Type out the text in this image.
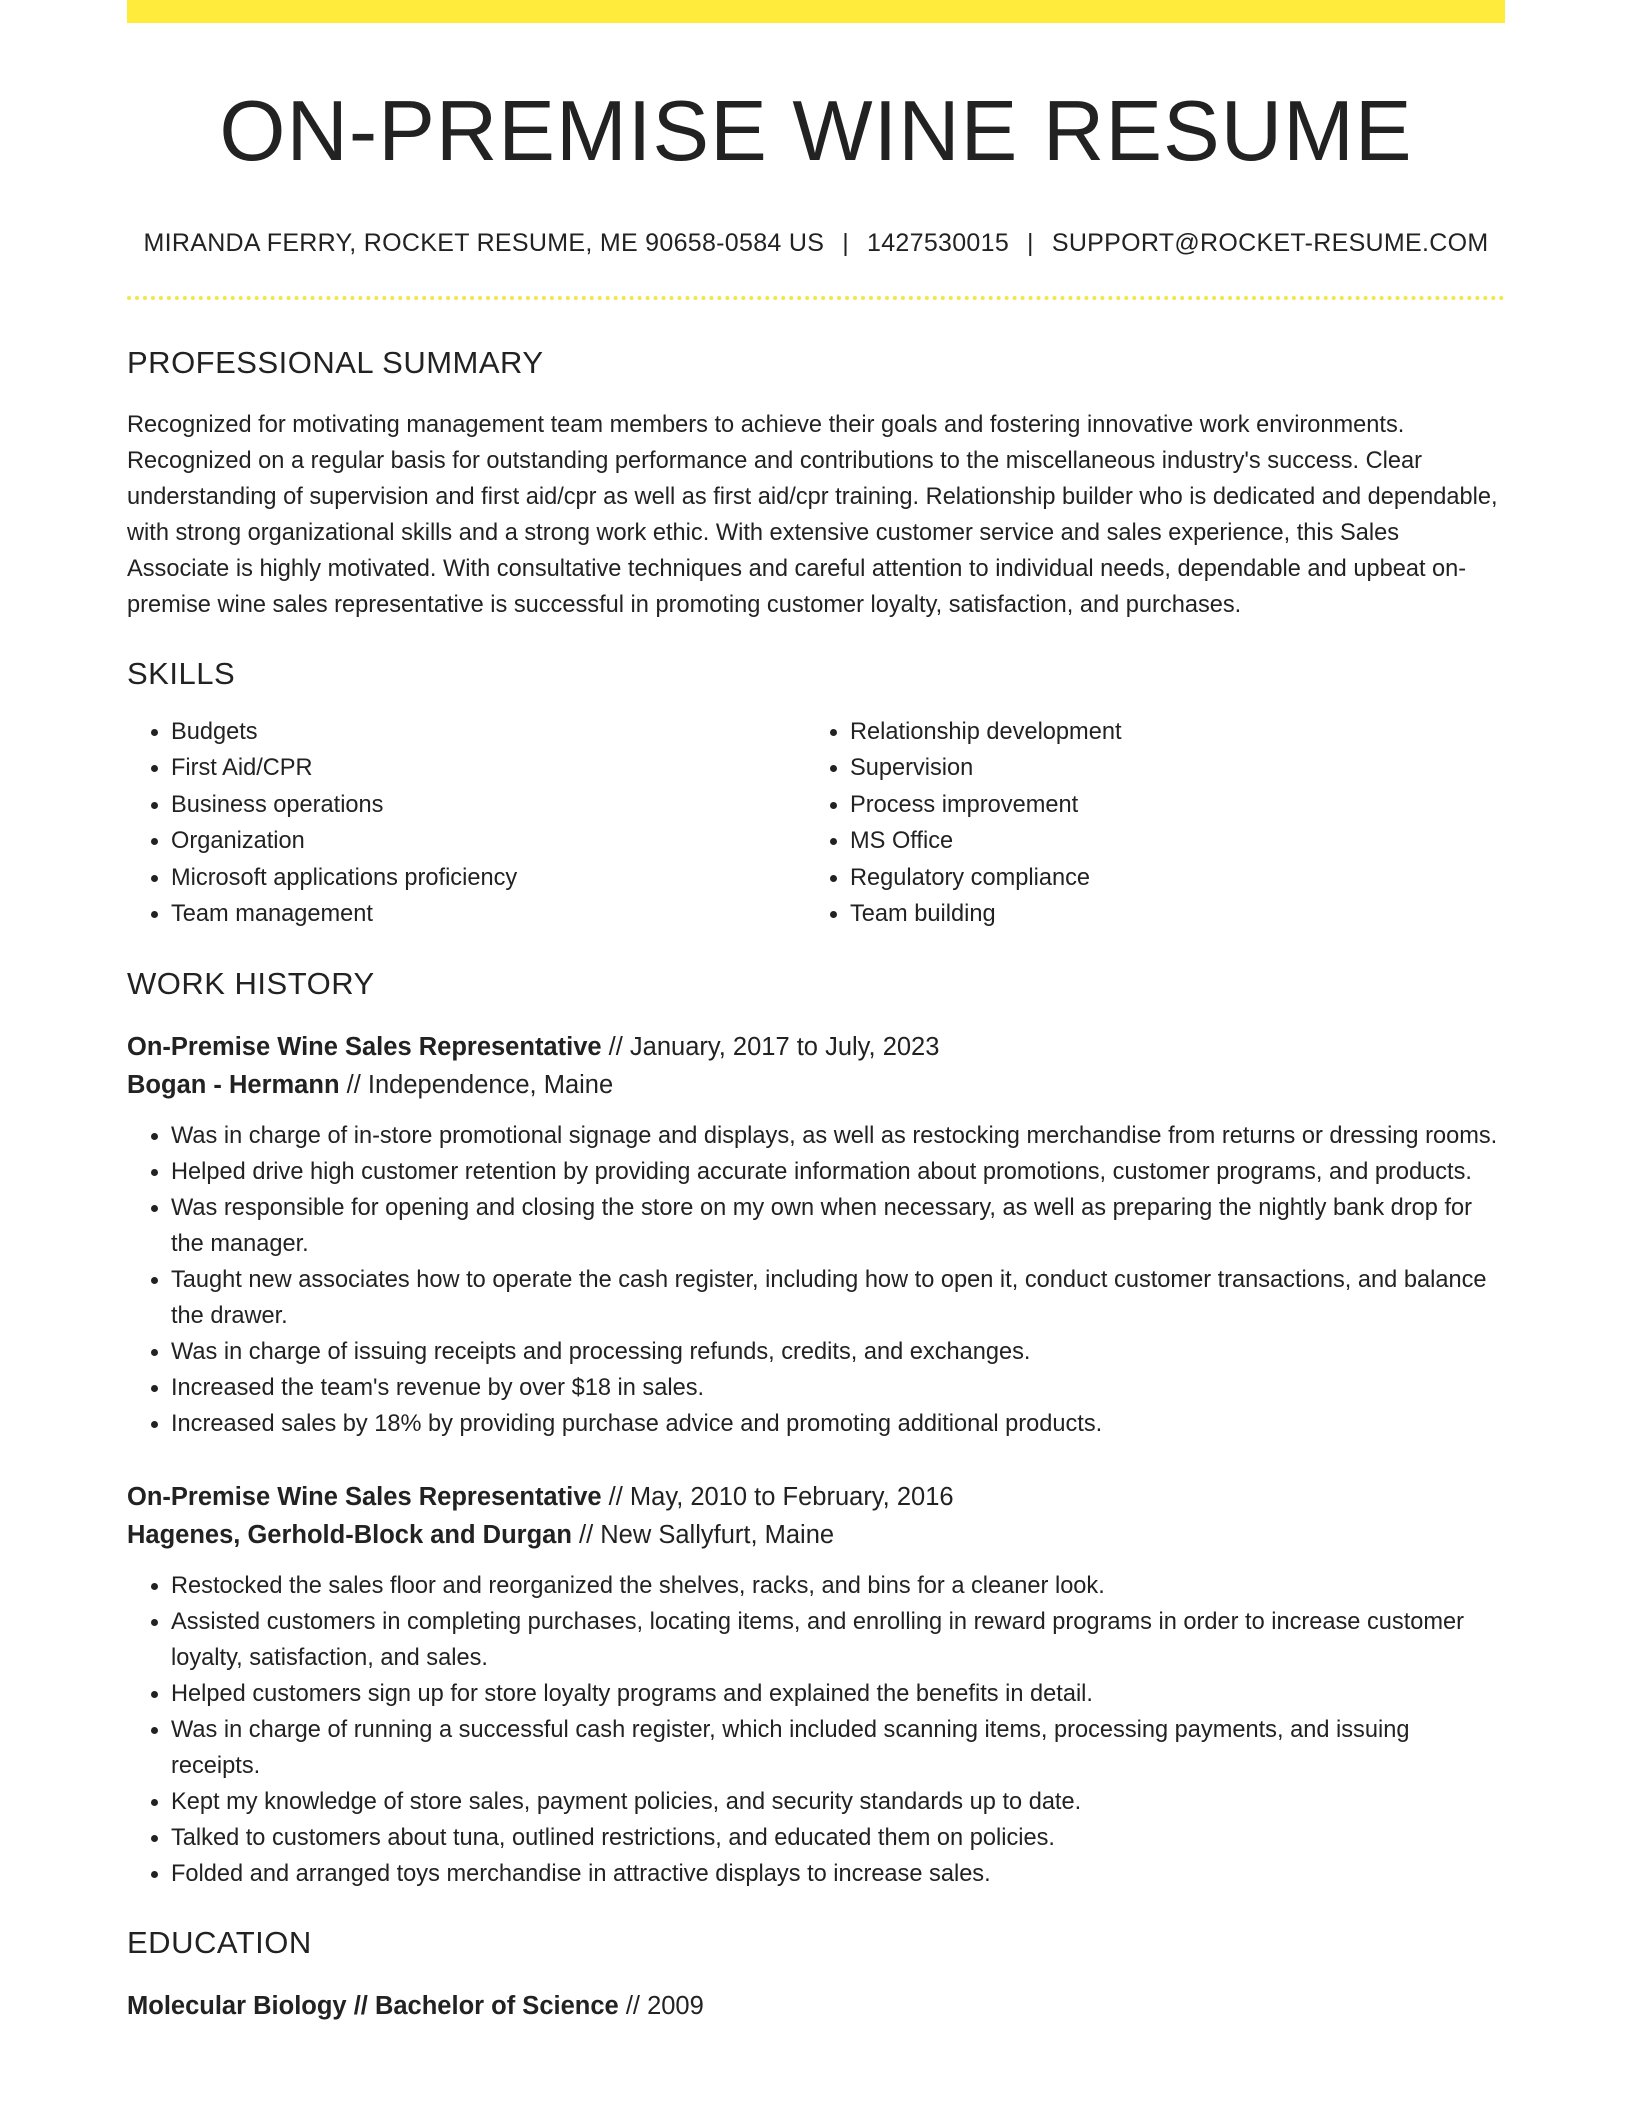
ON-PREMISE WINE RESUME
MIRANDA FERRY, ROCKET RESUME, ME 90658-0584 US | 1427530015 | SUPPORT@ROCKET-RESUME.COM
PROFESSIONAL SUMMARY

Recognized for motivating management team members to achieve their goals and fostering innovative work environments. Recognized on a regular basis for outstanding performance and contributions to the miscellaneous industry's success. Clear understanding of supervision and first aid/cpr as well as first aid/cpr training. Relationship builder who is dedicated and dependable, with strong organizational skills and a strong work ethic. With extensive customer service and sales experience, this Sales Associate is highly motivated. With consultative techniques and careful attention to individual needs, dependable and upbeat on-premise wine sales representative is successful in promoting customer loyalty, satisfaction, and purchases.

SKILLS
• Budgets
• First Aid/CPR
• Business operations
• Organization
• Microsoft applications proficiency
• Team management
• Relationship development
• Supervision
• Process improvement
• MS Office
• Regulatory compliance
• Team building
WORK HISTORY
On-Premise Wine Sales Representative // January, 2017 to July, 2023
Bogan - Hermann // Independence, Maine
• Was in charge of in-store promotional signage and displays, as well as restocking merchandise from returns or dressing rooms.
• Helped drive high customer retention by providing accurate information about promotions, customer programs, and products.
• Was responsible for opening and closing the store on my own when necessary, as well as preparing the nightly bank drop for the manager.
• Taught new associates how to operate the cash register, including how to open it, conduct customer transactions, and balance the drawer.
• Was in charge of issuing receipts and processing refunds, credits, and exchanges.
• Increased the team's revenue by over $18 in sales.
• Increased sales by 18% by providing purchase advice and promoting additional products.
On-Premise Wine Sales Representative // May, 2010 to February, 2016
Hagenes, Gerhold-Block and Durgan // New Sallyfurt, Maine
• Restocked the sales floor and reorganized the shelves, racks, and bins for a cleaner look.
• Assisted customers in completing purchases, locating items, and enrolling in reward programs in order to increase customer loyalty, satisfaction, and sales.
• Helped customers sign up for store loyalty programs and explained the benefits in detail.
• Was in charge of running a successful cash register, which included scanning items, processing payments, and issuing receipts.
• Kept my knowledge of store sales, payment policies, and security standards up to date.
• Talked to customers about tuna, outlined restrictions, and educated them on policies.
• Folded and arranged toys merchandise in attractive displays to increase sales.
EDUCATION
Molecular Biology // Bachelor of Science // 2009
